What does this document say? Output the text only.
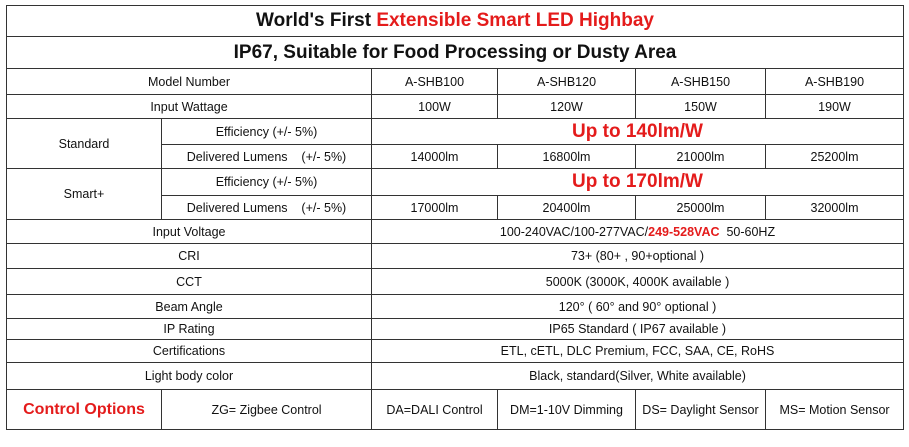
World's First Extensible Smart LED Highbay					
IP67, Suitable for Food Processing or Dusty Area					
Model Number		A-SHB100	A-SHB120	A-SHB150	A-SHB190
Input Wattage		100W	120W	150W	190W
Standard	Efficiency (+/- 5%)	Up to 140lm/W			
	Delivered Lumens    (+/- 5%)	14000lm	16800lm	21000lm	25200lm
Smart+	Efficiency (+/- 5%)	Up to 170lm/W			
	Delivered Lumens    (+/- 5%)	17000lm	20400lm	25000lm	32000lm
Input Voltage		100-240VAC/100-277VAC/249-528VAC  50-60HZ			
CRI		73+ (80+ , 90+optional )			
CCT		5000K (3000K, 4000K available )			
Beam Angle		120° ( 60° and 90° optional )			
IP Rating		IP65 Standard ( IP67 available )			
Certifications		ETL, cETL, DLC Premium, FCC, SAA, CE, RoHS			
Light body color		Black, standard(Silver, White available)			
Control Options	ZG= Zigbee Control	DA=DALI Control	DM=1-10V Dimming	DS= Daylight Sensor	MS= Motion Sensor
